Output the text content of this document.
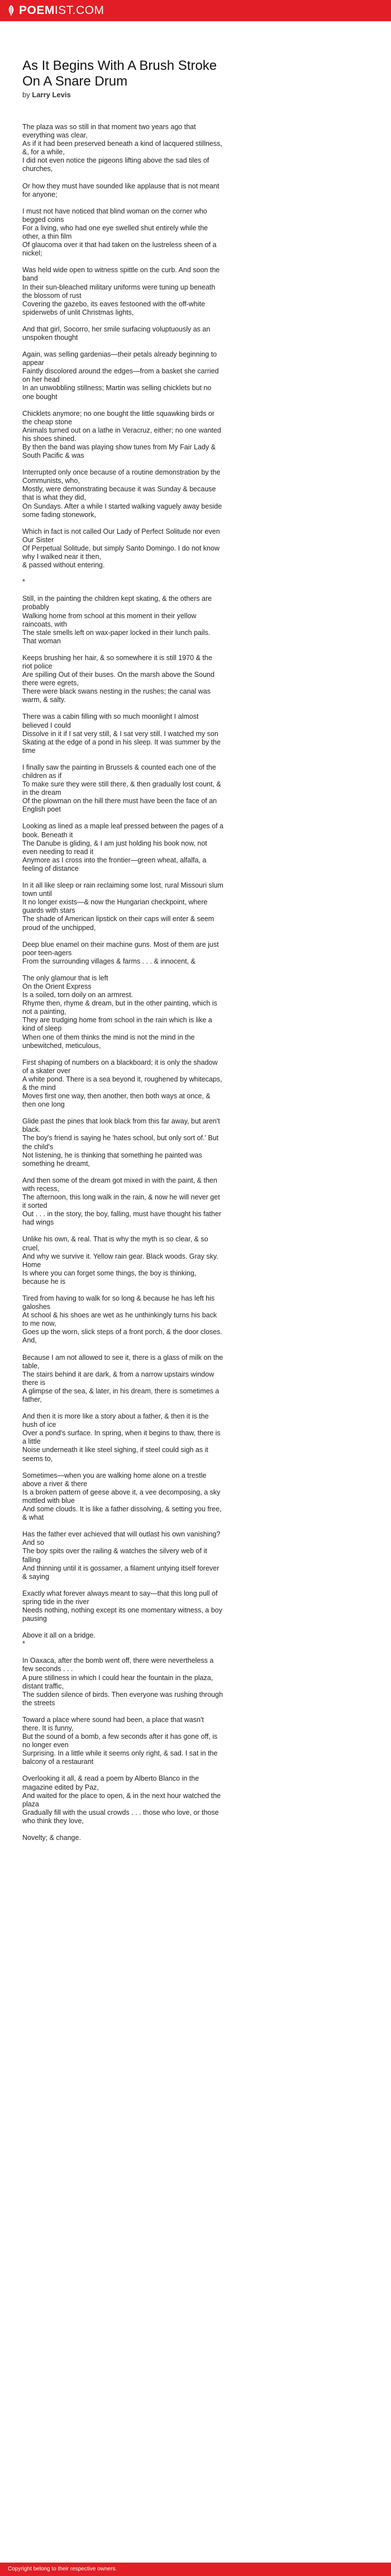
POEMIST.COM
As It Begins With A Brush Stroke On A Snare Drum
by Larry Levis

The plaza was so still in that moment two years ago that everything was clear,
As if it had been preserved beneath a kind of lacquered stillness, &, for a while,
I did not even notice the pigeons lifting above the sad tiles of churches,

Or how they must have sounded like applause that is not meant for anyone;

I must not have noticed that blind woman on the corner who begged coins
For a living, who had one eye swelled shut entirely while the other, a thin film
Of glaucoma over it that had taken on the lustreless sheen of a nickel;

Was held wide open to witness spittle on the curb. And soon the band
In their sun-bleached military uniforms were tuning up beneath the blossom of rust
Covering the gazebo, its eaves festooned with the off-white spiderwebs of unlit Christmas lights,

And that girl, Socorro, her smile surfacing voluptuously as an unspoken thought

Again, was selling gardenias—their petals already beginning to appear
Faintly discolored around the edges—from a basket she carried on her head
In an unwobbling stillness; Martin was selling chicklets but no one bought

Chicklets anymore; no one bought the little squawking birds or the cheap stone
Animals turned out on a lathe in Veracruz, either; no one wanted his shoes shined.
By then the band was playing show tunes from My Fair Lady & South Pacific & was

Interrupted only once because of a routine demonstration by the Communists, who,
Mostly, were demonstrating because it was Sunday & because that is what they did,
On Sundays. After a while I started walking vaguely away beside some fading stonework,

Which in fact is not called Our Lady of Perfect Solitude nor even Our Sister
Of Perpetual Solitude, but simply Santo Domingo. I do not know why I walked near it then,
& passed without entering.

*

Still, in the painting the children kept skating, & the others are probably
Walking home from school at this moment in their yellow raincoats, with
The stale smells left on wax-paper locked in their lunch pails. That woman

Keeps brushing her hair, & so somewhere it is still 1970 & the riot police
Are spilling Out of their buses. On the marsh above the Sound there were egrets,
There were black swans nesting in the rushes; the canal was warm, & salty.

There was a cabin filling with so much moonlight I almost believed I could
Dissolve in it if I sat very still, & I sat very still. I watched my son
Skating at the edge of a pond in his sleep. It was summer by the time

I finally saw the painting in Brussels & counted each one of the children as if
To make sure they were still there, & then gradually lost count, & in the dream
Of the plowman on the hill there must have been the face of an English poet

Looking as lined as a maple leaf pressed between the pages of a book. Beneath it
The Danube is gliding, & I am just holding his book now, not even needing to read it
Anymore as I cross into the frontier—green wheat, alfalfa, a feeling of distance

In it all like sleep or rain reclaiming some lost, rural Missouri slum town until
It no longer exists—& now the Hungarian checkpoint, where guards with stars
The shade of American lipstick on their caps will enter & seem proud of the unchipped,

Deep blue enamel on their machine guns. Most of them are just poor teen-agers
From the surrounding villages & farms . . . & innocent, &

The only glamour that is left
On the Orient Express
Is a soiled, torn doily on an armrest.
Rhyme then, rhyme & dream, but in the other painting, which is not a painting,
They are trudging home from school in the rain which is like a kind of sleep
When one of them thinks the mind is not the mind in the unbewitched, meticulous,

First shaping of numbers on a blackboard; it is only the shadow of a skater over
A white pond. There is a sea beyond it, roughened by whitecaps, & the mind
Moves first one way, then another, then both ways at once, & then one long

Glide past the pines that look black from this far away, but aren't black.
The boy's friend is saying he 'hates school, but only sort of.' But the child's
Not listening, he is thinking that something he painted was something he dreamt,

And then some of the dream got mixed in with the paint, & then with recess,
The afternoon, this long walk in the rain, & now he will never get it sorted
Out . . . in the story, the boy, falling, must have thought his father had wings

Unlike his own, & real. That is why the myth is so clear, & so cruel,
And why we survive it. Yellow rain gear. Black woods. Gray sky. Home
Is where you can forget some things, the boy is thinking, because he is

Tired from having to walk for so long & because he has left his galoshes
At school & his shoes are wet as he unthinkingly turns his back to me now,
Goes up the worn, slick steps of a front porch, & the door closes. And,

Because I am not allowed to see it, there is a glass of milk on the table,
The stairs behind it are dark, & from a narrow upstairs window there is
A glimpse of the sea, & later, in his dream, there is sometimes a father,

And then it is more like a story about a father, & then it is the hush of ice
Over a pond's surface. In spring, when it begins to thaw, there is a little
Noise underneath it like steel sighing, if steel could sigh as it seems to,

Sometimes—when you are walking home alone on a trestle above a river & there
Is a broken pattern of geese above it, a vee decomposing, a sky mottled with blue
And some clouds. It is like a father dissolving, & setting you free, & what

Has the father ever achieved that will outlast his own vanishing? And so
The boy spits over the railing & watches the silvery web of it falling
And thinning until it is gossamer, a filament untying itself forever & saying

Exactly what forever always meant to say—that this long pull of spring tide in the river
Needs nothing, nothing except its one momentary witness, a boy pausing

Above it all on a bridge.
*

In Oaxaca, after the bomb went off, there were nevertheless a few seconds . . .
A pure stillness in which I could hear the fountain in the plaza, distant traffic,
The sudden silence of birds. Then everyone was rushing through the streets

Toward a place where sound had been, a place that wasn't there. It is funny,
But the sound of a bomb, a few seconds after it has gone off, is no longer even
Surprising. In a little while it seems only right, & sad. I sat in the balcony of a restaurant

Overlooking it all, & read a poem by Alberto Blanco in the magazine edited by Paz,
And waited for the place to open, & in the next hour watched the plaza
Gradually fill with the usual crowds . . . those who love, or those who think they love,

Novelty; & change.

Copyright belong to their respective owners.
